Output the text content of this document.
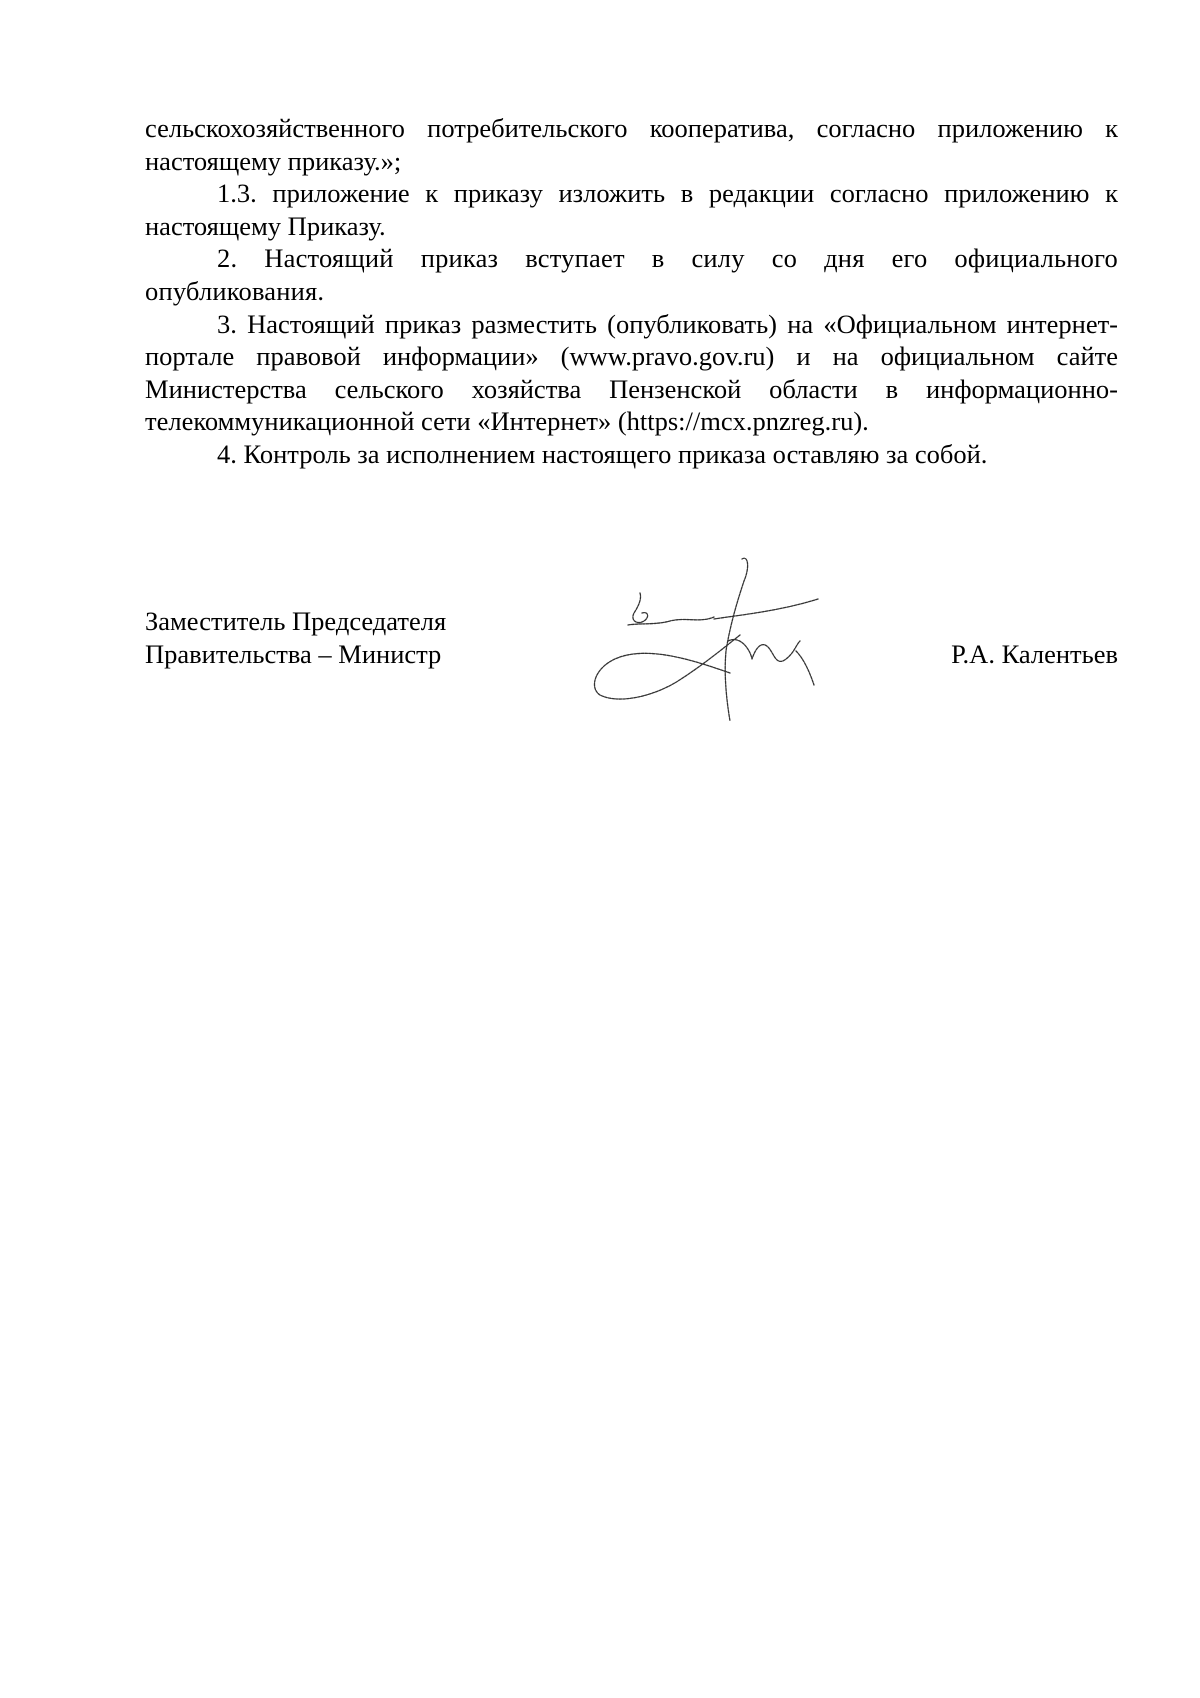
сельскохозяйственного потребительского кооператива, согласно приложению к настоящему приказу.»;

1.3. приложение к приказу изложить в редакции согласно приложению к настоящему Приказу.

2. Настоящий приказ вступает в силу со дня его официального опубликования.

3. Настоящий приказ разместить (опубликовать) на «Официальном интернет-портале правовой информации» (www.pravo.gov.ru) и на официальном сайте Министерства сельского хозяйства Пензенской области в информационно-телекоммуникационной сети «Интернет» (https://mcx.pnzreg.ru).

4. Контроль за исполнением настоящего приказа оставляю за собой.

Заместитель Председателя
Правительства – Министр	Р.А. Калентьев
